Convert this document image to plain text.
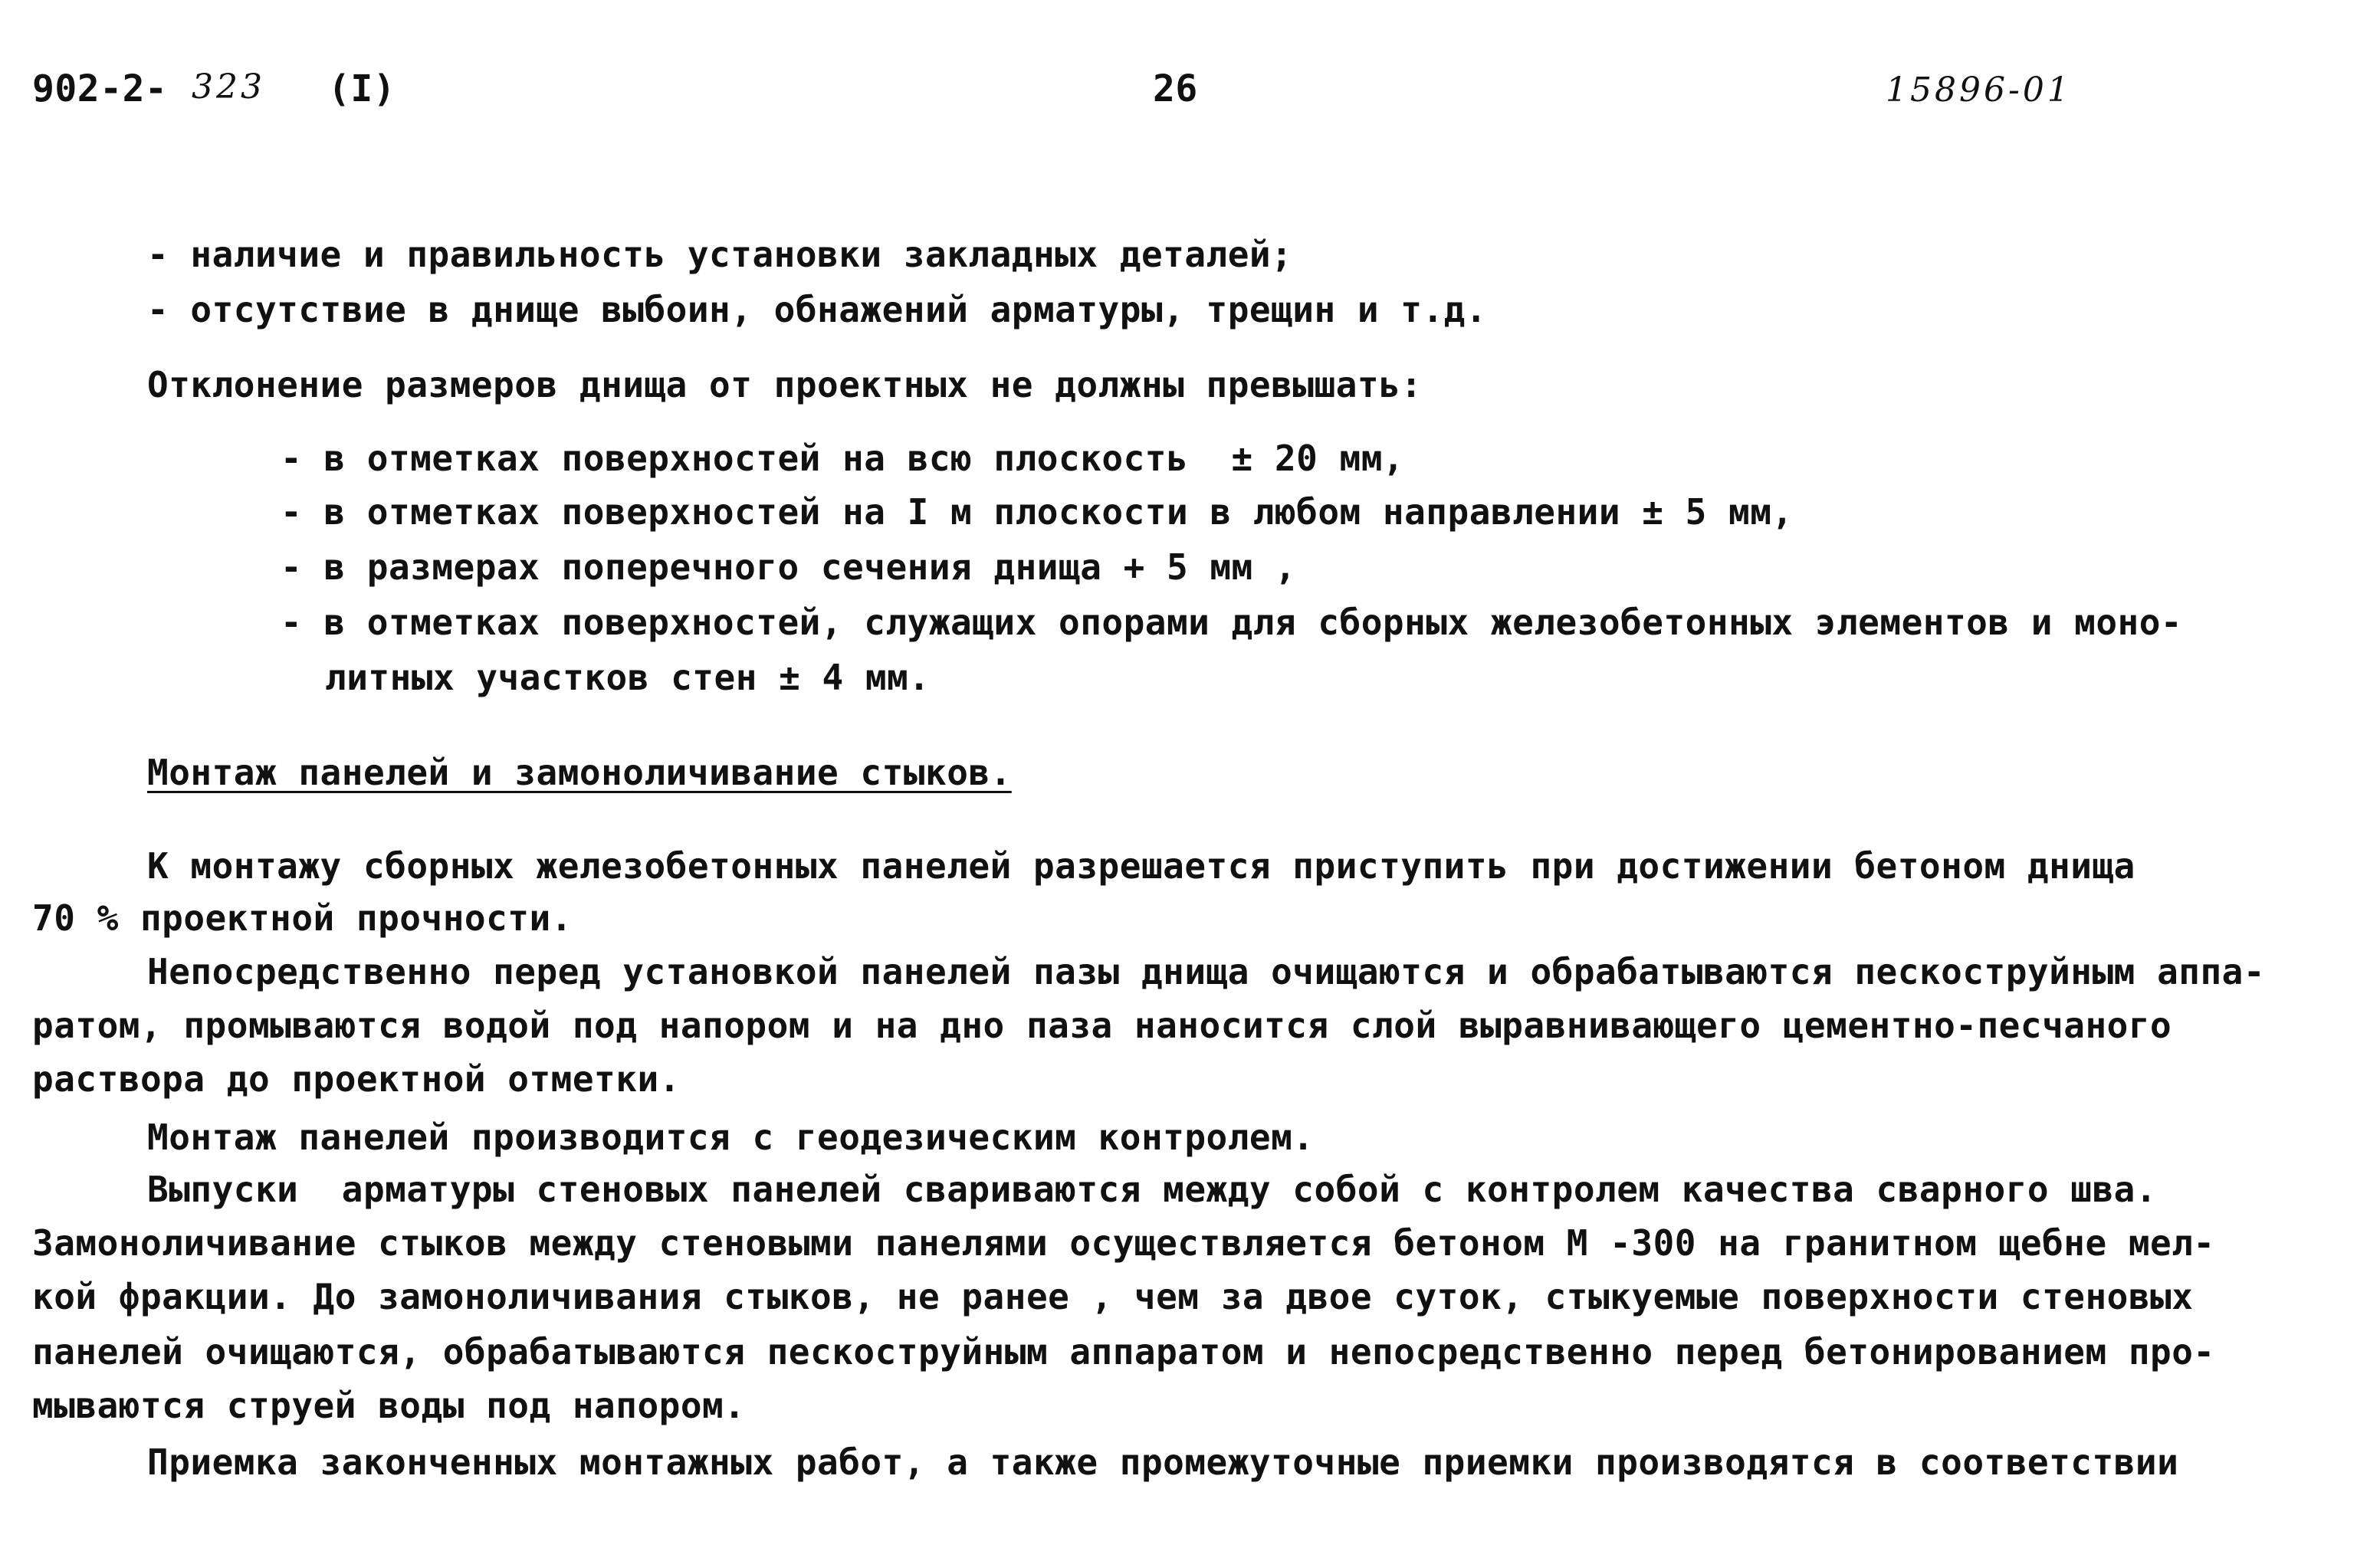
902-2- 323 (I)	26	15896-01
- наличие и правильность установки закладных деталей;
- отсутствие в днище выбоин, обнажений арматуры, трещин и т.д.
Отклонение размеров днища от проектных не должны превышать:
- в отметках поверхностей на всю плоскость  ± 20 мм,
- в отметках поверхностей на I м плоскости в любом направлении ± 5 мм,
- в размерах поперечного сечения днища + 5 мм ,
- в отметках поверхностей, служащих опорами для сборных железобетонных элементов и моно-
литных участков стен ± 4 мм.
Монтаж панелей и замоноличивание стыков.
К монтажу сборных железобетонных панелей разрешается приступить при достижении бетоном днища
70 % проектной прочности.
Непосредственно перед установкой панелей пазы днища очищаются и обрабатываются пескоструйным аппа-
ратом, промываются водой под напором и на дно паза наносится слой выравнивающего цементно-песчаного
раствора до проектной отметки.
Монтаж панелей производится с геодезическим контролем.
Выпуски  арматуры стеновых панелей свариваются между собой с контролем качества сварного шва.
Замоноличивание стыков между стеновыми панелями осуществляется бетоном М -300 на гранитном щебне мел-
кой фракции. До замоноличивания стыков, не ранее , чем за двое суток, стыкуемые поверхности стеновых
панелей очищаются, обрабатываются пескоструйным аппаратом и непосредственно перед бетонированием про-
мываются струей воды под напором.
Приемка законченных монтажных работ, а также промежуточные приемки производятся в соответствии
